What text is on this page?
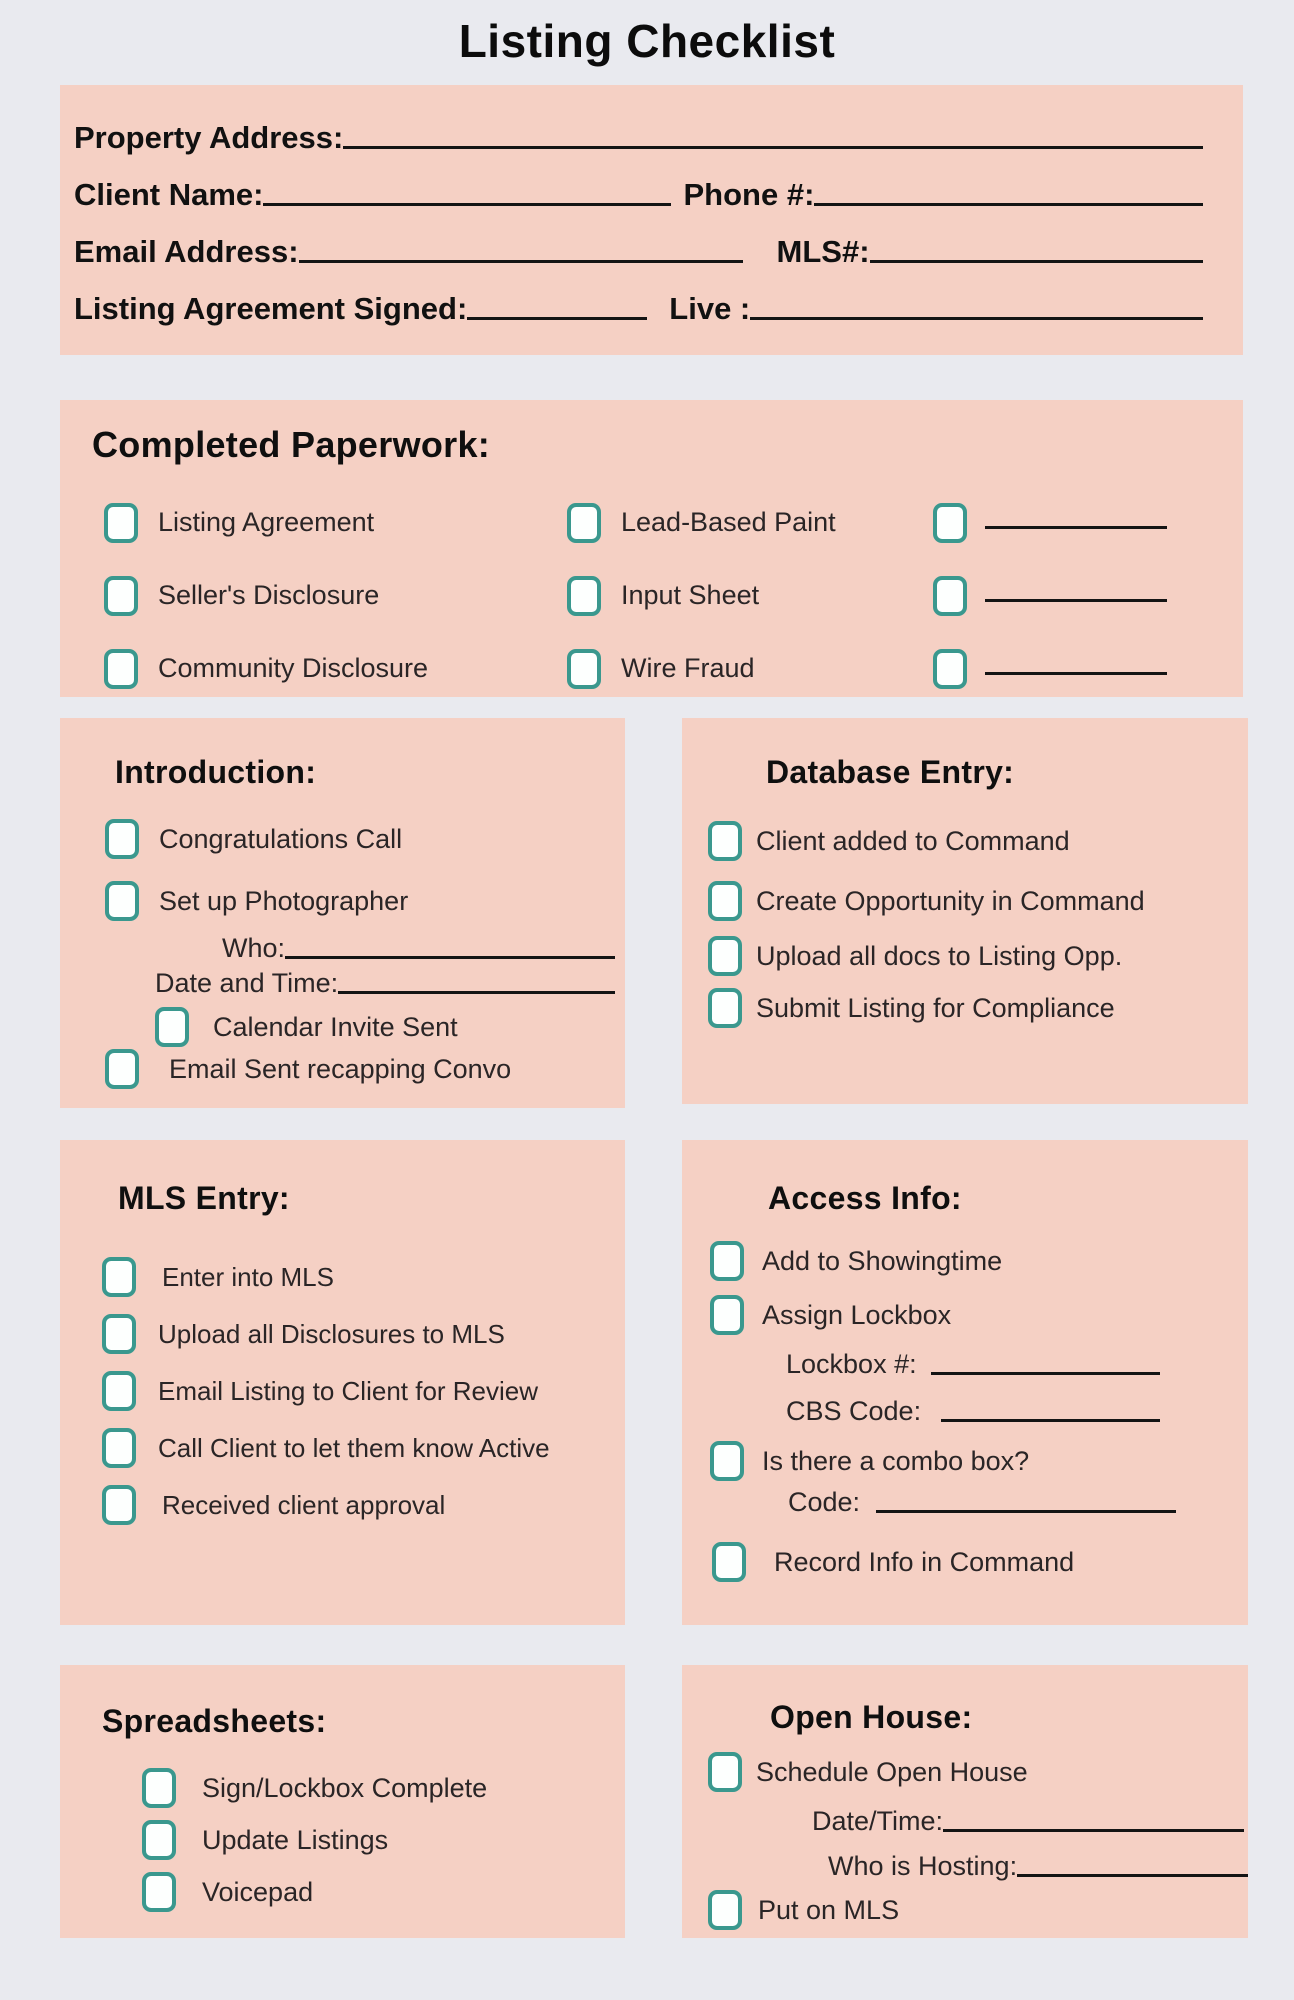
Listing Checklist
Property Address:
Client Name:	Phone #:
Email Address:	MLS#:
Listing Agreement Signed:	Live :
Completed Paperwork:
Listing Agreement	Lead-Based Paint
Seller's Disclosure	Input Sheet
Community Disclosure	Wire Fraud
Introduction:
Congratulations Call
Set up Photographer
Who:
Date and Time:
Calendar Invite Sent
Email Sent recapping Convo
Database Entry:
Client added to Command
Create Opportunity in Command
Upload all docs to Listing Opp.
Submit Listing for Compliance
MLS Entry:
Enter into MLS
Upload all Disclosures to MLS
Email Listing to Client for Review
Call Client to let them know Active
Received client approval
Access Info:
Add to Showingtime
Assign Lockbox
Lockbox #:
CBS Code:
Is there a combo box?
Code:
Record Info in Command
Spreadsheets:
Sign/Lockbox Complete
Update Listings
Voicepad
Open House:
Schedule Open House
Date/Time:
Who is Hosting:
Put on MLS
